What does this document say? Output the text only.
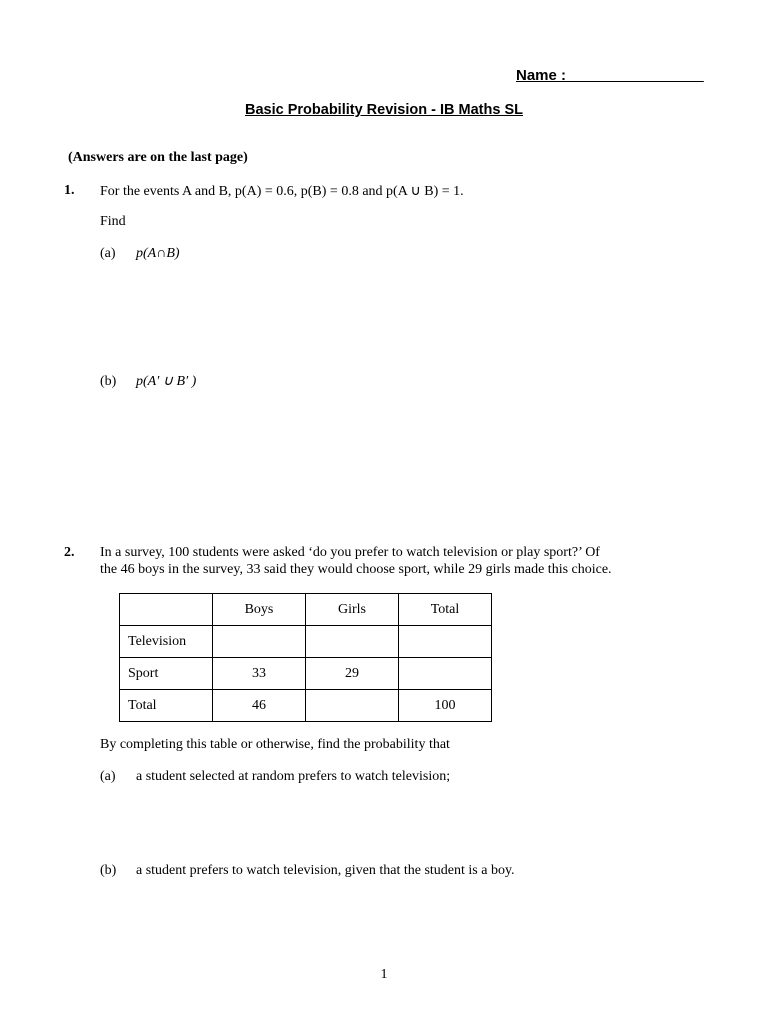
Name : ________________
Basic Probability Revision - IB Maths SL
(Answers are on the last page)
1. For the events A and B, p(A) = 0.6, p(B) = 0.8 and p(A ∪ B) = 1.
Find
(a) p(A∩B)
(b) p(A′ ∪ B′ )
2. In a survey, 100 students were asked ‘do you prefer to watch television or play sport?’ Of
the 46 boys in the survey, 33 said they would choose sport, while 29 girls made this choice.
	Boys	Girls	Total
Television			
Sport	33	29	
Total	46		100
By completing this table or otherwise, find the probability that
(a) a student selected at random prefers to watch television;
(b) a student prefers to watch television, given that the student is a boy.
1
